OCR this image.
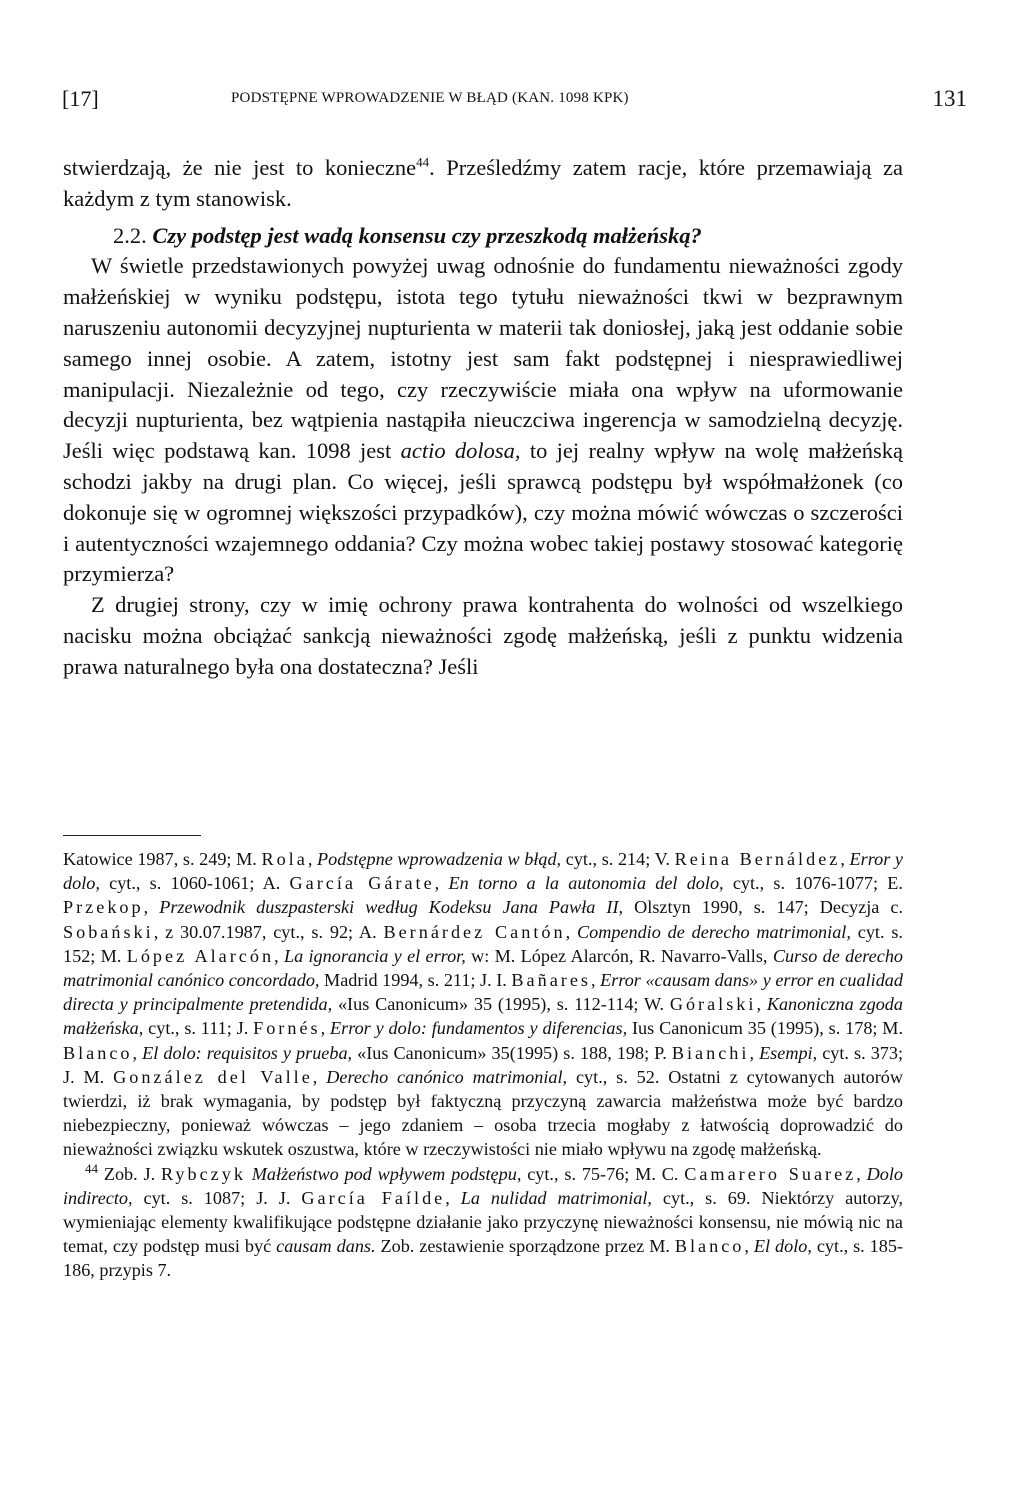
[17]	PODSTĘPNE WPROWADZENIE W BŁĄD (KAN. 1098 KPK)	131

stwierdzają, że nie jest to konieczne$^{44}$. Prześledźmy zatem racje, które przemawiają za każdym z tym stanowisk.

2.2. Czy podstęp jest wadą konsensu czy przeszkodą małżeńską?

W świetle przedstawionych powyżej uwag odnośnie do fundamentu nieważności zgody małżeńskiej w wyniku podstępu, istota tego tytułu nieważności tkwi w bezprawnym naruszeniu autonomii decyzyjnej nupturienta w materii tak doniosłej, jaką jest oddanie sobie samego innej osobie. A zatem, istotny jest sam fakt podstępnej i niesprawiedliwej manipulacji. Niezależnie od tego, czy rzeczywiście miała ona wpływ na uformowanie decyzji nupturienta, bez wątpienia nastąpiła nieuczciwa ingerencja w samodzielną decyzję. Jeśli więc podstawą kan. 1098 jest actio dolosa, to jej realny wpływ na wolę małżeńską schodzi jakby na drugi plan. Co więcej, jeśli sprawcą podstępu był współmałżonek (co dokonuje się w ogromnej większości przypadków), czy można mówić wówczas o szczerości i autentyczności wzajemnego oddania? Czy można wobec takiej postawy stosować kategorię przymierza?

Z drugiej strony, czy w imię ochrony prawa kontrahenta do wolności od wszelkiego nacisku można obciążać sankcją nieważności zgodę małżeńską, jeśli z punktu widzenia prawa naturalnego była ona dostateczna? Jeśli

Katowice 1987, s. 249; M. Rola, Podstępne wprowadzenia w błąd, cyt., s. 214; V. Reina Bernáldez, Error y dolo, cyt., s. 1060-1061; A. García Gárate, En torno a la autonomia del dolo, cyt., s. 1076-1077; E. Przekop, Przewodnik duszpasterski według Kodeksu Jana Pawła II, Olsztyn 1990, s. 147; Decyzja c. Sobański, z 30.07.1987, cyt., s. 92; A. Bernárdez Cantón, Compendio de derecho matrimonial, cyt. s. 152; M. López Alarcón, La ignorancia y el error, w: M. López Alarcón, R. Navarro-Valls, Curso de derecho matrimonial canónico concordado, Madrid 1994, s. 211; J. I. Bañares, Error «causam dans» y error en cualidad directa y principalmente pretendida, «Ius Canonicum» 35 (1995), s. 112-114; W. Góralski, Kanoniczna zgoda małżeńska, cyt., s. 111; J. Fornés, Error y dolo: fundamentos y diferencias, Ius Canonicum 35 (1995), s. 178; M. Blanco, El dolo: requisitos y prueba, «Ius Canonicum» 35(1995) s. 188, 198; P. Bianchi, Esempi, cyt. s. 373; J. M. González del Valle, Derecho canónico matrimonial, cyt., s. 52. Ostatni z cytowanych autorów twierdzi, iż brak wymagania, by podstęp był faktyczną przyczyną zawarcia małżeństwa może być bardzo niebezpieczny, ponieważ wówczas – jego zdaniem – osoba trzecia mogłaby z łatwością doprowadzić do nieważności związku wskutek oszustwa, które w rzeczywistości nie miało wpływu na zgodę małżeńską.

$^{44}$ Zob. J. Rybczyk Małżeństwo pod wpływem podstępu, cyt., s. 75-76; M. C. Camarero Suarez, Dolo indirecto, cyt. s. 1087; J. J. García Faílde, La nulidad matrimonial, cyt., s. 69. Niektórzy autorzy, wymieniając elementy kwalifikujące podstępne działanie jako przyczynę nieważności konsensu, nie mówią nic na temat, czy podstęp musi być causam dans. Zob. zestawienie sporządzone przez M. Blanco, El dolo, cyt., s. 185-186, przypis 7.
